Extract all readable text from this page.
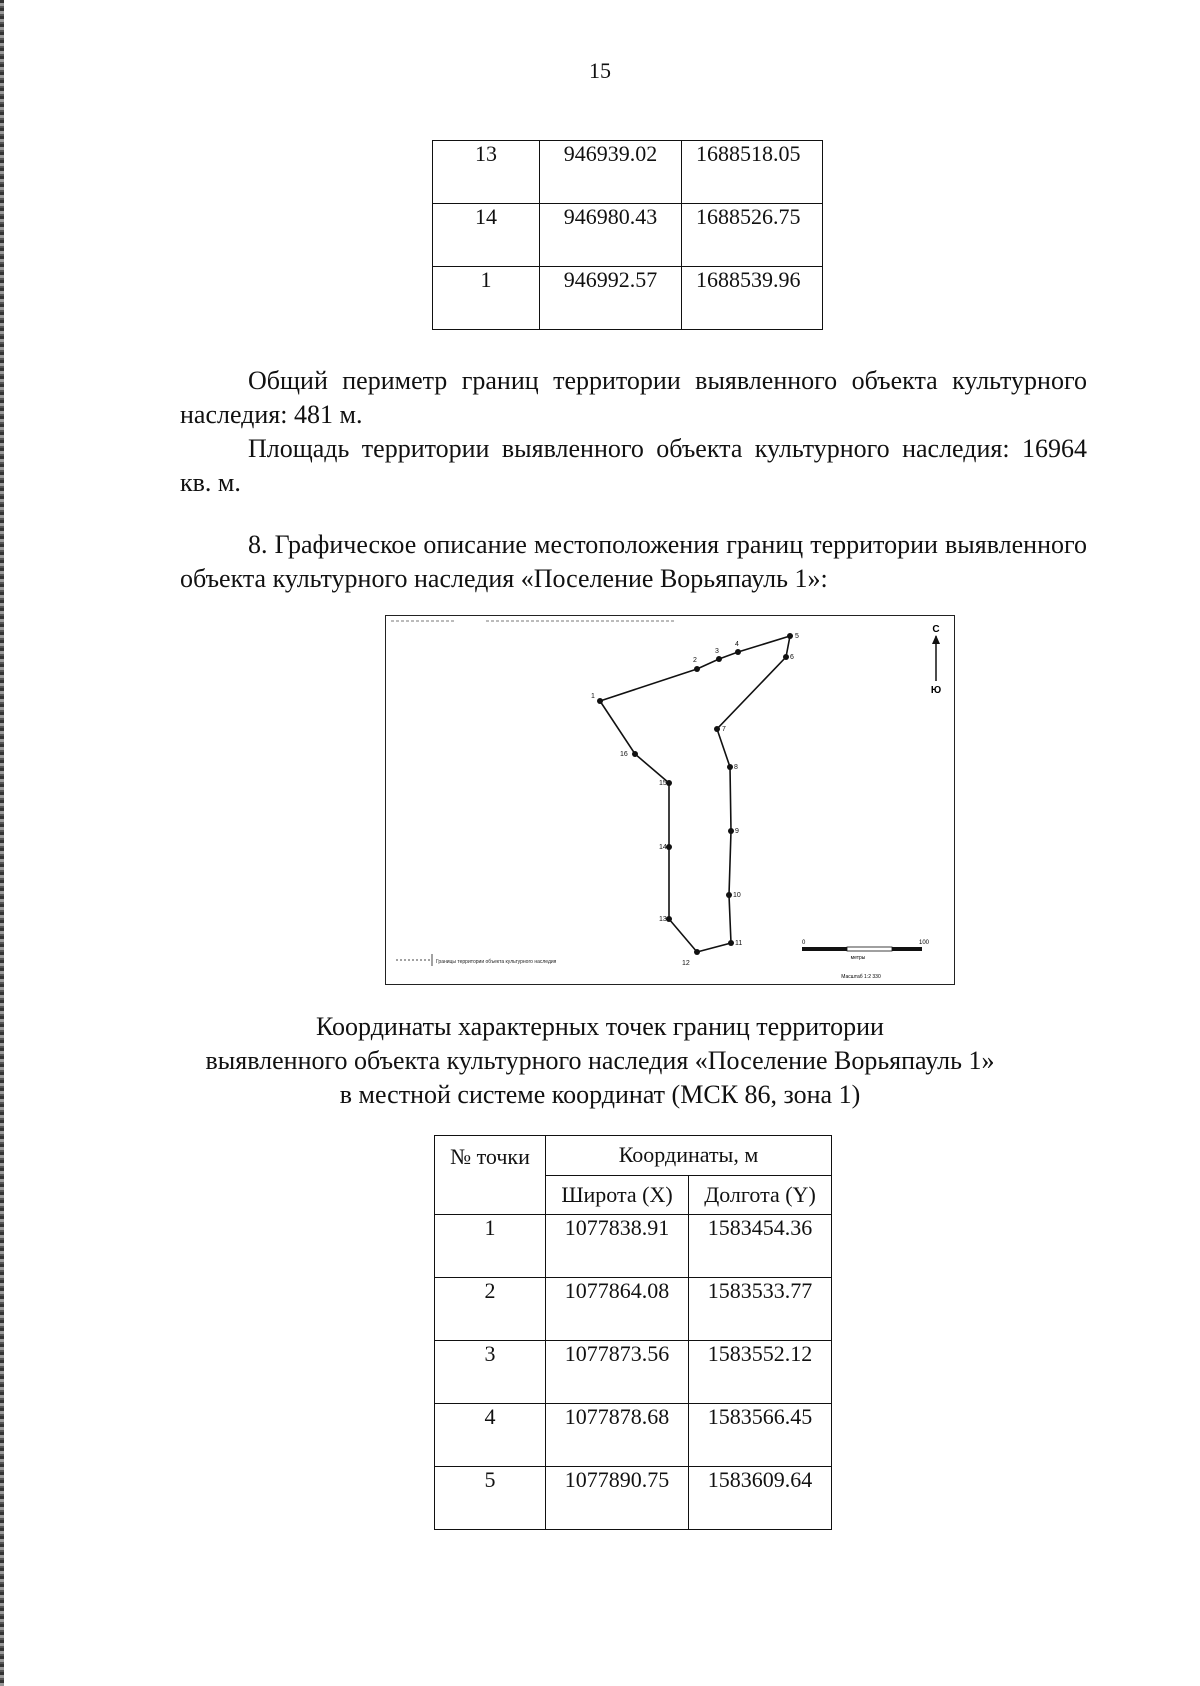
15
13	946939.02	1688518.05
14	946980.43	1688526.75
1	946992.57	1688539.96

Общий периметр границ территории выявленного объекта культурного наследия: 481 м.

Площадь территории выявленного объекта культурного наследия: 16964 кв. м.

8. Графическое описание местоположения границ территории выявленного объекта культурного наследия «Поселение Ворьяпауль 1»:

1
2
3
4
5
6
7
8
9
10
11
12
13
14
15
16
С
Ю
Границы территории объекта культурного наследия
0	100
метры
Масштаб 1:2 330

Координаты характерных точек границ территории

выявленного объекта культурного наследия «Поселение Ворьяпауль 1»

в местной системе координат (МСК 86, зона 1)

№ точки	Координаты, м	
	Широта (X)	Долгота (Y)
1	1077838.91	1583454.36
2	1077864.08	1583533.77
3	1077873.56	1583552.12
4	1077878.68	1583566.45
5	1077890.75	1583609.64
